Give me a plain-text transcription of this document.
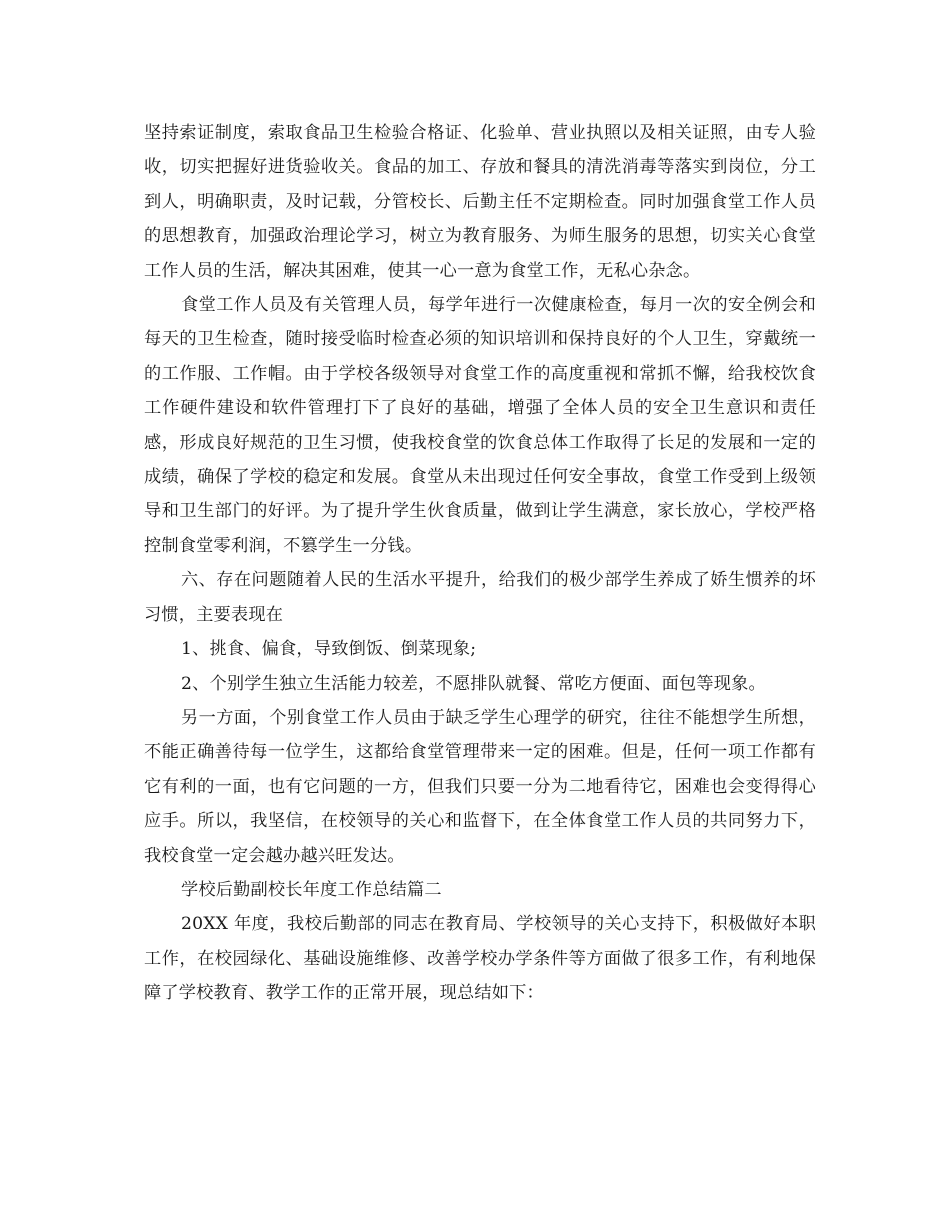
坚持索证制度，索取食品卫生检验合格证、化验单、营业执照以及相关证照，由专人验收，切实把握好进货验收关。食品的加工、存放和餐具的清洗消毒等落实到岗位，分工到人，明确职责，及时记载，分管校长、后勤主任不定期检查。同时加强食堂工作人员的思想教育，加强政治理论学习，树立为教育服务、为师生服务的思想，切实关心食堂工作人员的生活，解决其困难，使其一心一意为食堂工作，无私心杂念。

食堂工作人员及有关管理人员，每学年进行一次健康检查，每月一次的安全例会和每天的卫生检查，随时接受临时检查必须的知识培训和保持良好的个人卫生，穿戴统一的工作服、工作帽。由于学校各级领导对食堂工作的高度重视和常抓不懈，给我校饮食工作硬件建设和软件管理打下了良好的基础，增强了全体人员的安全卫生意识和责任感，形成良好规范的卫生习惯，使我校食堂的饮食总体工作取得了长足的发展和一定的成绩，确保了学校的稳定和发展。食堂从未出现过任何安全事故，食堂工作受到上级领导和卫生部门的好评。为了提升学生伙食质量，做到让学生满意，家长放心，学校严格控制食堂零利润，不篡学生一分钱。

六、存在问题随着人民的生活水平提升，给我们的极少部学生养成了娇生惯养的坏习惯，主要表现在

1、挑食、偏食，导致倒饭、倒菜现象;

2、个别学生独立生活能力较差，不愿排队就餐、常吃方便面、面包等现象。

另一方面，个别食堂工作人员由于缺乏学生心理学的研究，往往不能想学生所想，不能正确善待每一位学生，这都给食堂管理带来一定的困难。但是，任何一项工作都有它有利的一面，也有它问题的一方，但我们只要一分为二地看待它，困难也会变得得心应手。所以，我坚信，在校领导的关心和监督下，在全体食堂工作人员的共同努力下，我校食堂一定会越办越兴旺发达。

学校后勤副校长年度工作总结篇二

20XX 年度，我校后勤部的同志在教育局、学校领导的关心支持下，积极做好本职工作，在校园绿化、基础设施维修、改善学校办学条件等方面做了很多工作，有利地保障了学校教育、教学工作的正常开展，现总结如下：
